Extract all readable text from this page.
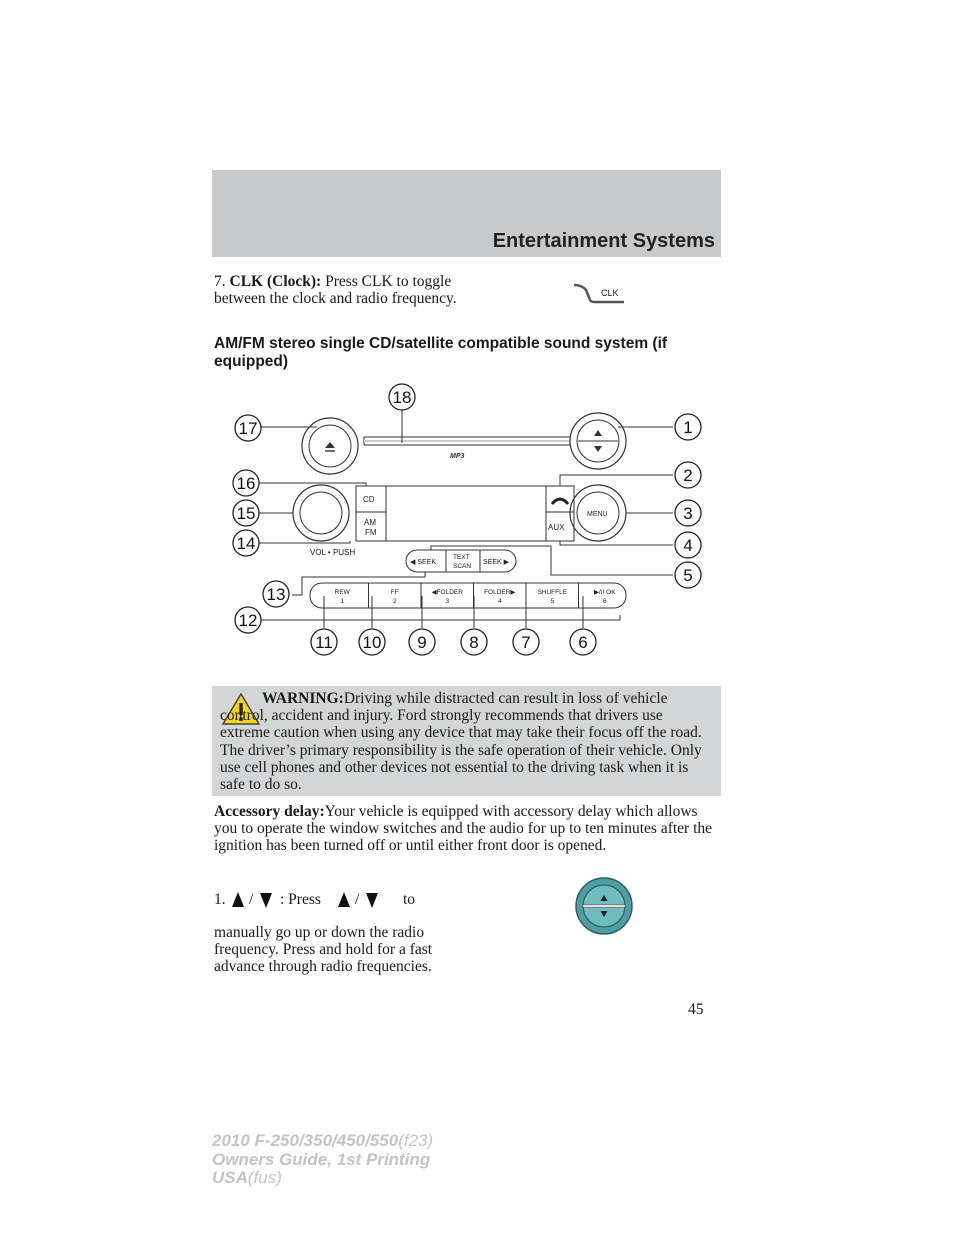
Entertainment Systems

7. CLK (Clock): Press CLK to toggle between the clock and radio frequency.	CLK

AM/FM stereo single CD/satellite compatible sound system (if equipped)

MP3
VOL • PUSH
CD
AM
FM
AUX
MENU
◀ SEEK
TEXT
SCAN
SEEK ▶
REW
1
FF
2
◀FOLDER
3
FOLDER▶
4
SHUFFLE
5
▶/II OK
6
1
2
3
4
5
6
7
8
9
10
11
12
13
14
15
16
17
18

WARNING:Driving while distracted can result in loss of vehicle control, accident and injury. Ford strongly recommends that drivers use extreme caution when using any device that may take their focus off the road. The driver’s primary responsibility is the safe operation of their vehicle. Only use cell phones and other devices not essential to the driving task when it is safe to do so.

Accessory delay:Your vehicle is equipped with accessory delay which allows you to operate the window switches and the audio for up to ten minutes after the ignition has been turned off or until either front door is opened.

1. / : Press /	to

manually go up or down the radio frequency. Press and hold for a fast advance through radio frequencies.

45
2010 F-250/350/450/550(f23)
Owners Guide, 1st Printing
USA(fus)
